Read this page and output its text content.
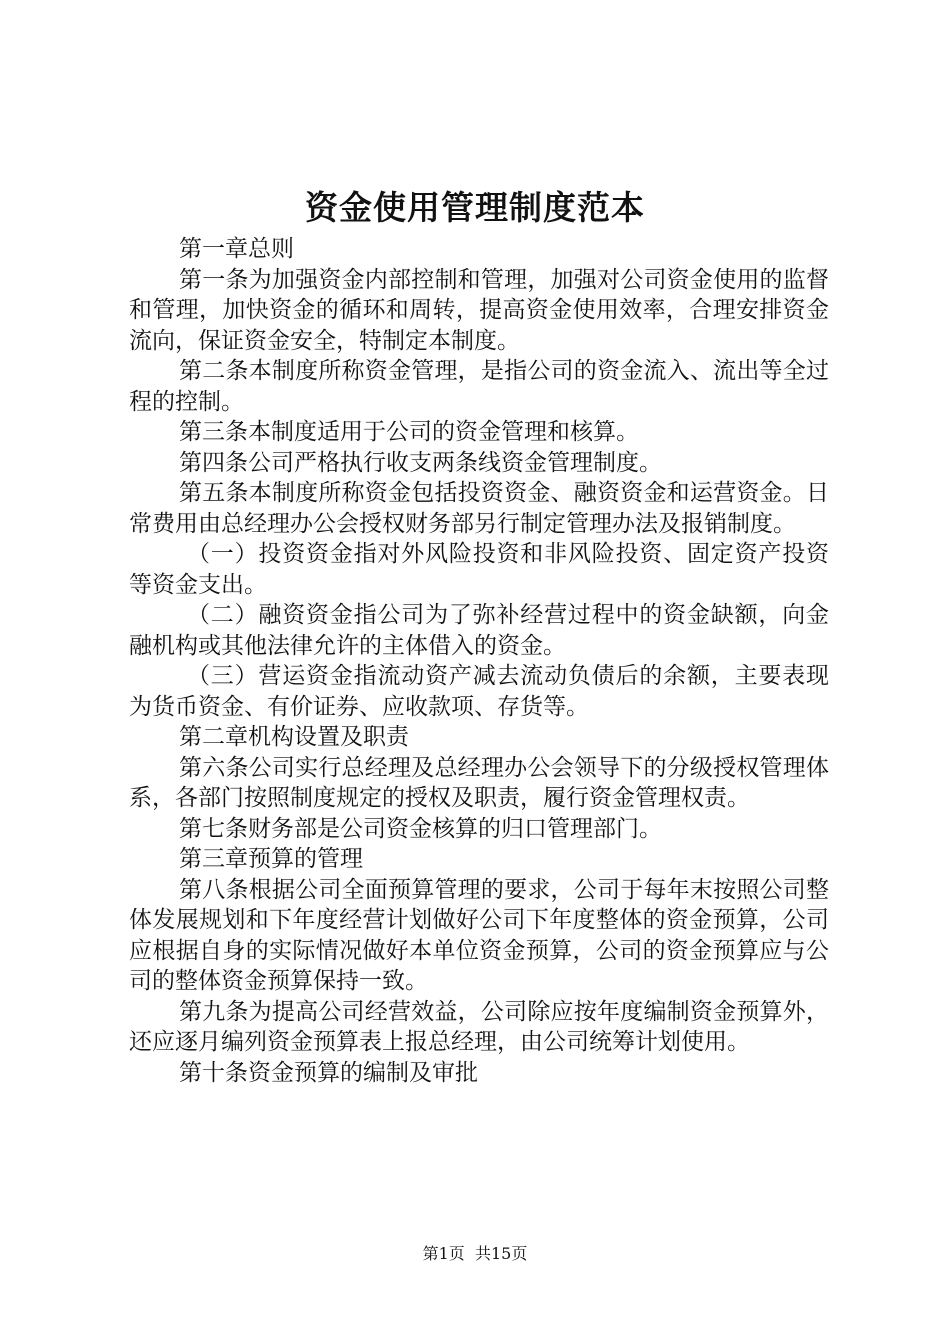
资金使用管理制度范本

第一章总则

第一条为加强资金内部控制和管理，加强对公司资金使用的监督和管理，加快资金的循环和周转，提高资金使用效率，合理安排资金流向，保证资金安全，特制定本制度。

第二条本制度所称资金管理，是指公司的资金流入、流出等全过程的控制。

第三条本制度适用于公司的资金管理和核算。

第四条公司严格执行收支两条线资金管理制度。

第五条本制度所称资金包括投资资金、融资资金和运营资金。日常费用由总经理办公会授权财务部另行制定管理办法及报销制度。

（一）投资资金指对外风险投资和非风险投资、固定资产投资等资金支出。

（二）融资资金指公司为了弥补经营过程中的资金缺额，向金融机构或其他法律允许的主体借入的资金。

（三）营运资金指流动资产减去流动负债后的余额，主要表现为货币资金、有价证券、应收款项、存货等。

第二章机构设置及职责

第六条公司实行总经理及总经理办公会领导下的分级授权管理体系，各部门按照制度规定的授权及职责，履行资金管理权责。

第七条财务部是公司资金核算的归口管理部门。

第三章预算的管理

第八条根据公司全面预算管理的要求，公司于每年末按照公司整体发展规划和下年度经营计划做好公司下年度整体的资金预算，公司应根据自身的实际情况做好本单位资金预算，公司的资金预算应与公司的整体资金预算保持一致。

第九条为提高公司经营效益，公司除应按年度编制资金预算外，还应逐月编列资金预算表上报总经理，由公司统筹计划使用。

第十条资金预算的编制及审批

第1页 共15页
